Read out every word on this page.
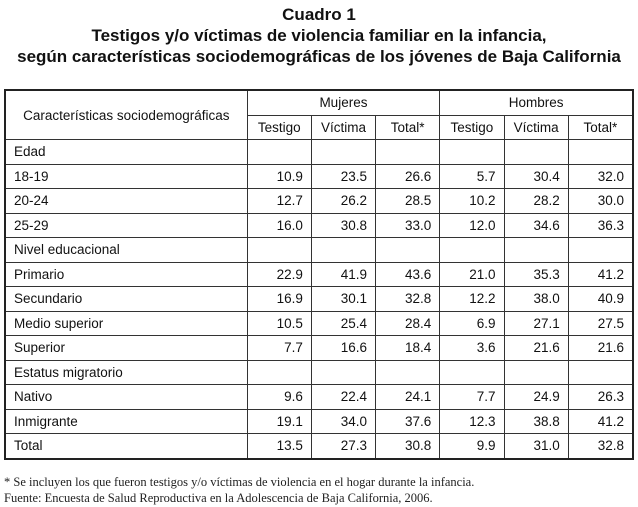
Cuadro 1
Testigos y/o víctimas de violencia familiar en la infancia,
según características sociodemográficas de los jóvenes de Baja California
Características sociodemográficas	Mujeres			Hombres		
	Testigo	Víctima	Total*	Testigo	Víctima	Total*
Edad						
18-19	10.9	23.5	26.6	5.7	30.4	32.0
20-24	12.7	26.2	28.5	10.2	28.2	30.0
25-29	16.0	30.8	33.0	12.0	34.6	36.3
Nivel educacional						
Primario	22.9	41.9	43.6	21.0	35.3	41.2
Secundario	16.9	30.1	32.8	12.2	38.0	40.9
Medio superior	10.5	25.4	28.4	6.9	27.1	27.5
Superior	7.7	16.6	18.4	3.6	21.6	21.6
Estatus migratorio						
Nativo	9.6	22.4	24.1	7.7	24.9	26.3
Inmigrante	19.1	34.0	37.6	12.3	38.8	41.2
Total	13.5	27.3	30.8	9.9	31.0	32.8
* Se incluyen los que fueron testigos y/o víctimas de violencia en el hogar durante la infancia.
Fuente: Encuesta de Salud Reproductiva en la Adolescencia de Baja California, 2006.
